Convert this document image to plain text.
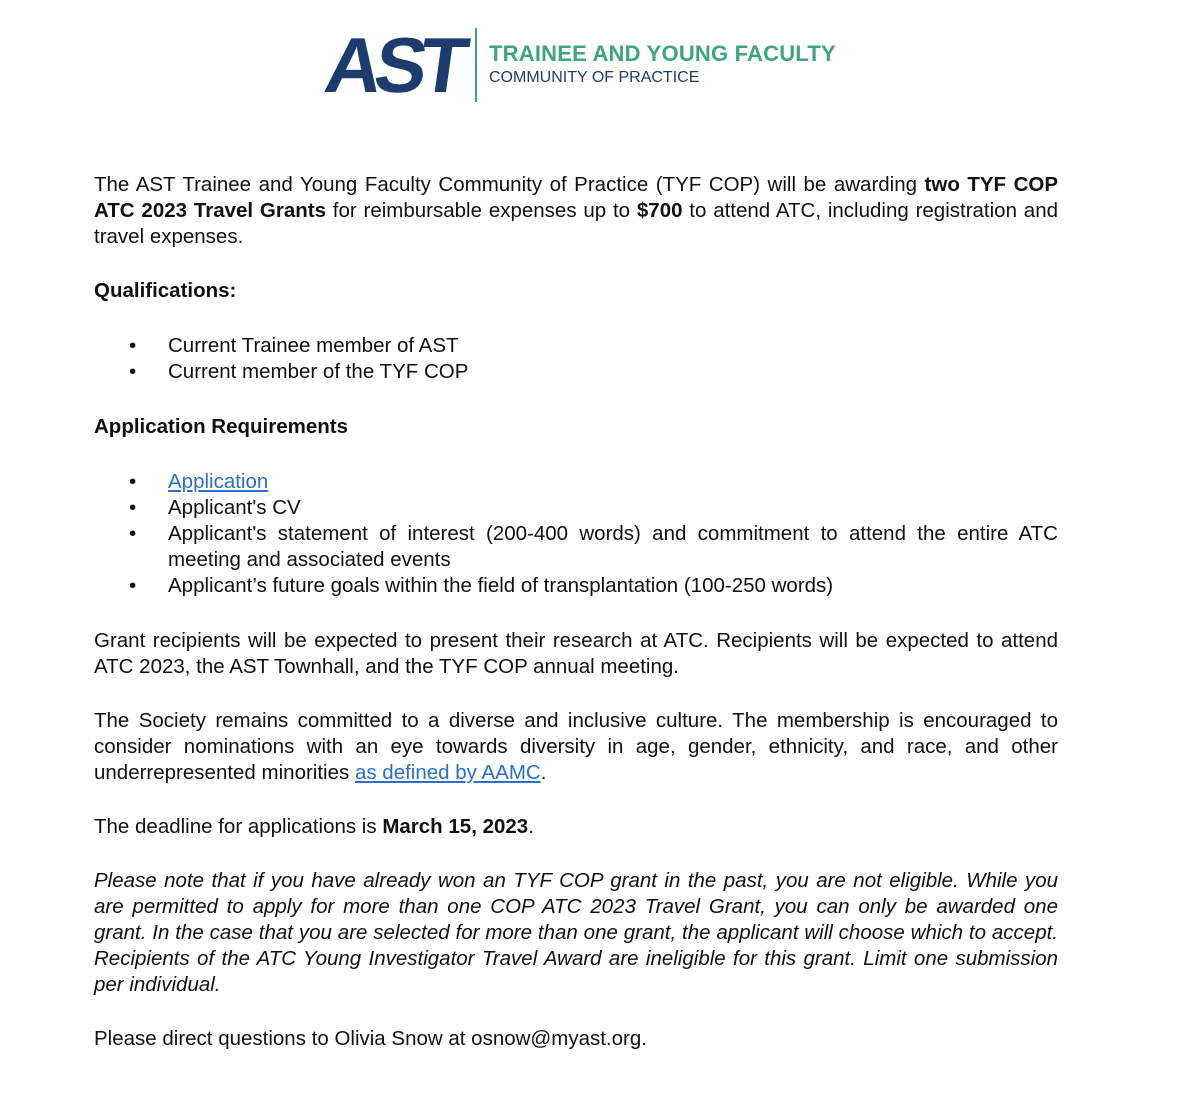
AST TRAINEE AND YOUNG FACULTY
COMMUNITY OF PRACTICE

The AST Trainee and Young Faculty Community of Practice (TYF COP) will be awarding two TYF COP ATC 2023 Travel Grants for reimbursable expenses up to $700 to attend ATC, including registration and travel expenses.

Qualifications:

• Current Trainee member of AST
• Current member of the TYF COP

Application Requirements

• Application
• Applicant's CV
• Applicant's statement of interest (200-400 words) and commitment to attend the entire ATC meeting and associated events
• Applicant’s future goals within the field of transplantation (100-250 words)

Grant recipients will be expected to present their research at ATC. Recipients will be expected to attend ATC 2023, the AST Townhall, and the TYF COP annual meeting.

The Society remains committed to a diverse and inclusive culture. The membership is encouraged to consider nominations with an eye towards diversity in age, gender, ethnicity, and race, and other underrepresented minorities as defined by AAMC.

The deadline for applications is March 15, 2023.

Please note that if you have already won an TYF COP grant in the past, you are not eligible. While you are permitted to apply for more than one COP ATC 2023 Travel Grant, you can only be awarded one grant. In the case that you are selected for more than one grant, the applicant will choose which to accept. Recipients of the ATC Young Investigator Travel Award are ineligible for this grant. Limit one submission per individual.

Please direct questions to Olivia Snow at osnow@myast.org.
